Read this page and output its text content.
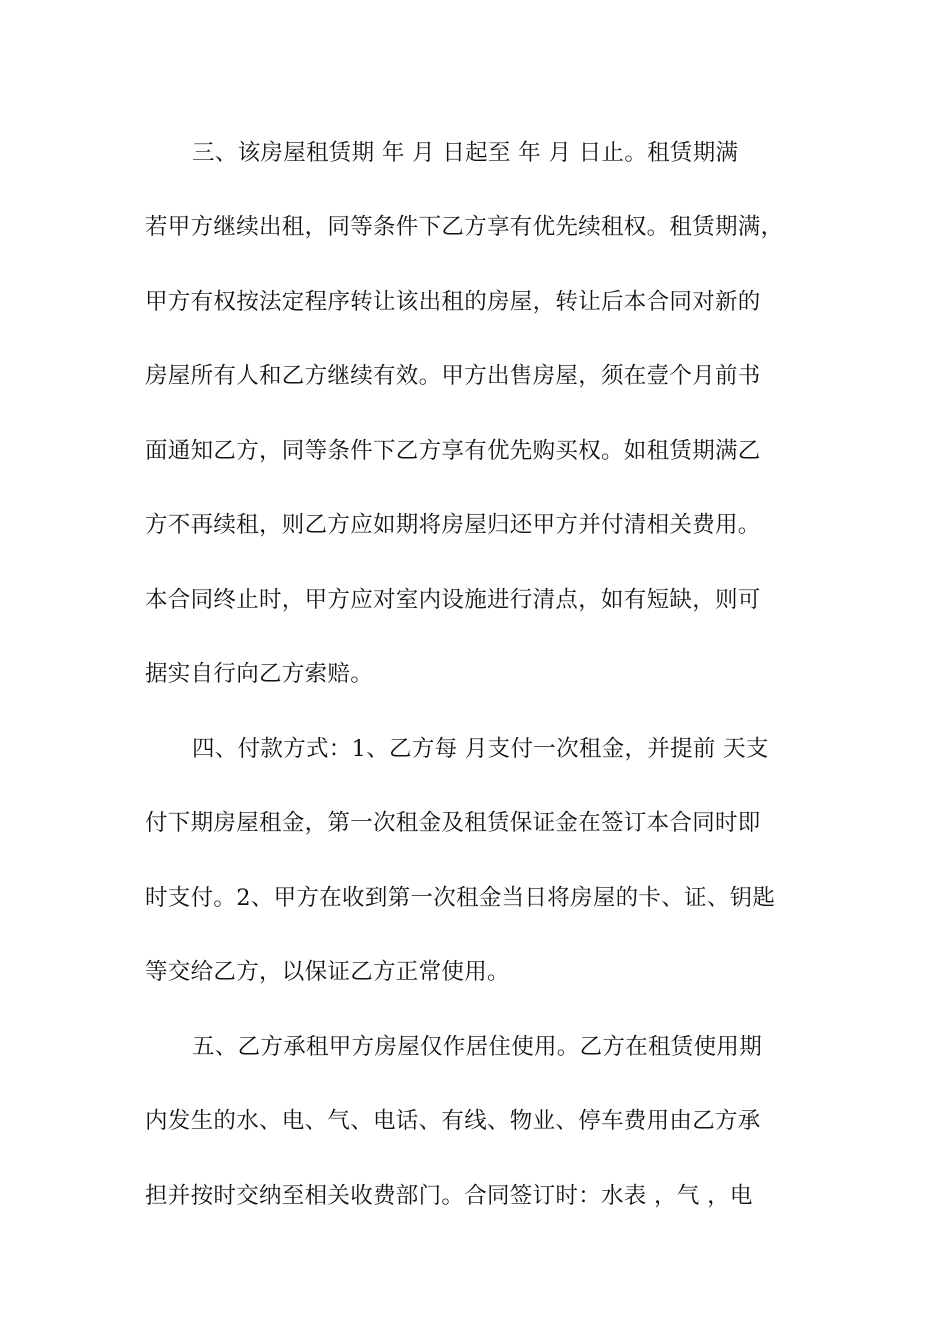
三、该房屋租赁期 年 月 日起至 年 月 日止。租赁期满
若甲方继续出租，同等条件下乙方享有优先续租权。租赁期满，
甲方有权按法定程序转让该出租的房屋，转让后本合同对新的
房屋所有人和乙方继续有效。甲方出售房屋，须在壹个月前书
面通知乙方，同等条件下乙方享有优先购买权。如租赁期满乙
方不再续租，则乙方应如期将房屋归还甲方并付清相关费用。
本合同终止时，甲方应对室内设施进行清点，如有短缺，则可
据实自行向乙方索赔。
四、付款方式：1、乙方每 月支付一次租金，并提前 天支
付下期房屋租金，第一次租金及租赁保证金在签订本合同时即
时支付。2、甲方在收到第一次租金当日将房屋的卡、证、钥匙
等交给乙方，以保证乙方正常使用。
五、乙方承租甲方房屋仅作居住使用。乙方在租赁使用期
内发生的水、电、气、电话、有线、物业、停车费用由乙方承
担并按时交纳至相关收费部门。合同签订时：水表 ，气 ，电
